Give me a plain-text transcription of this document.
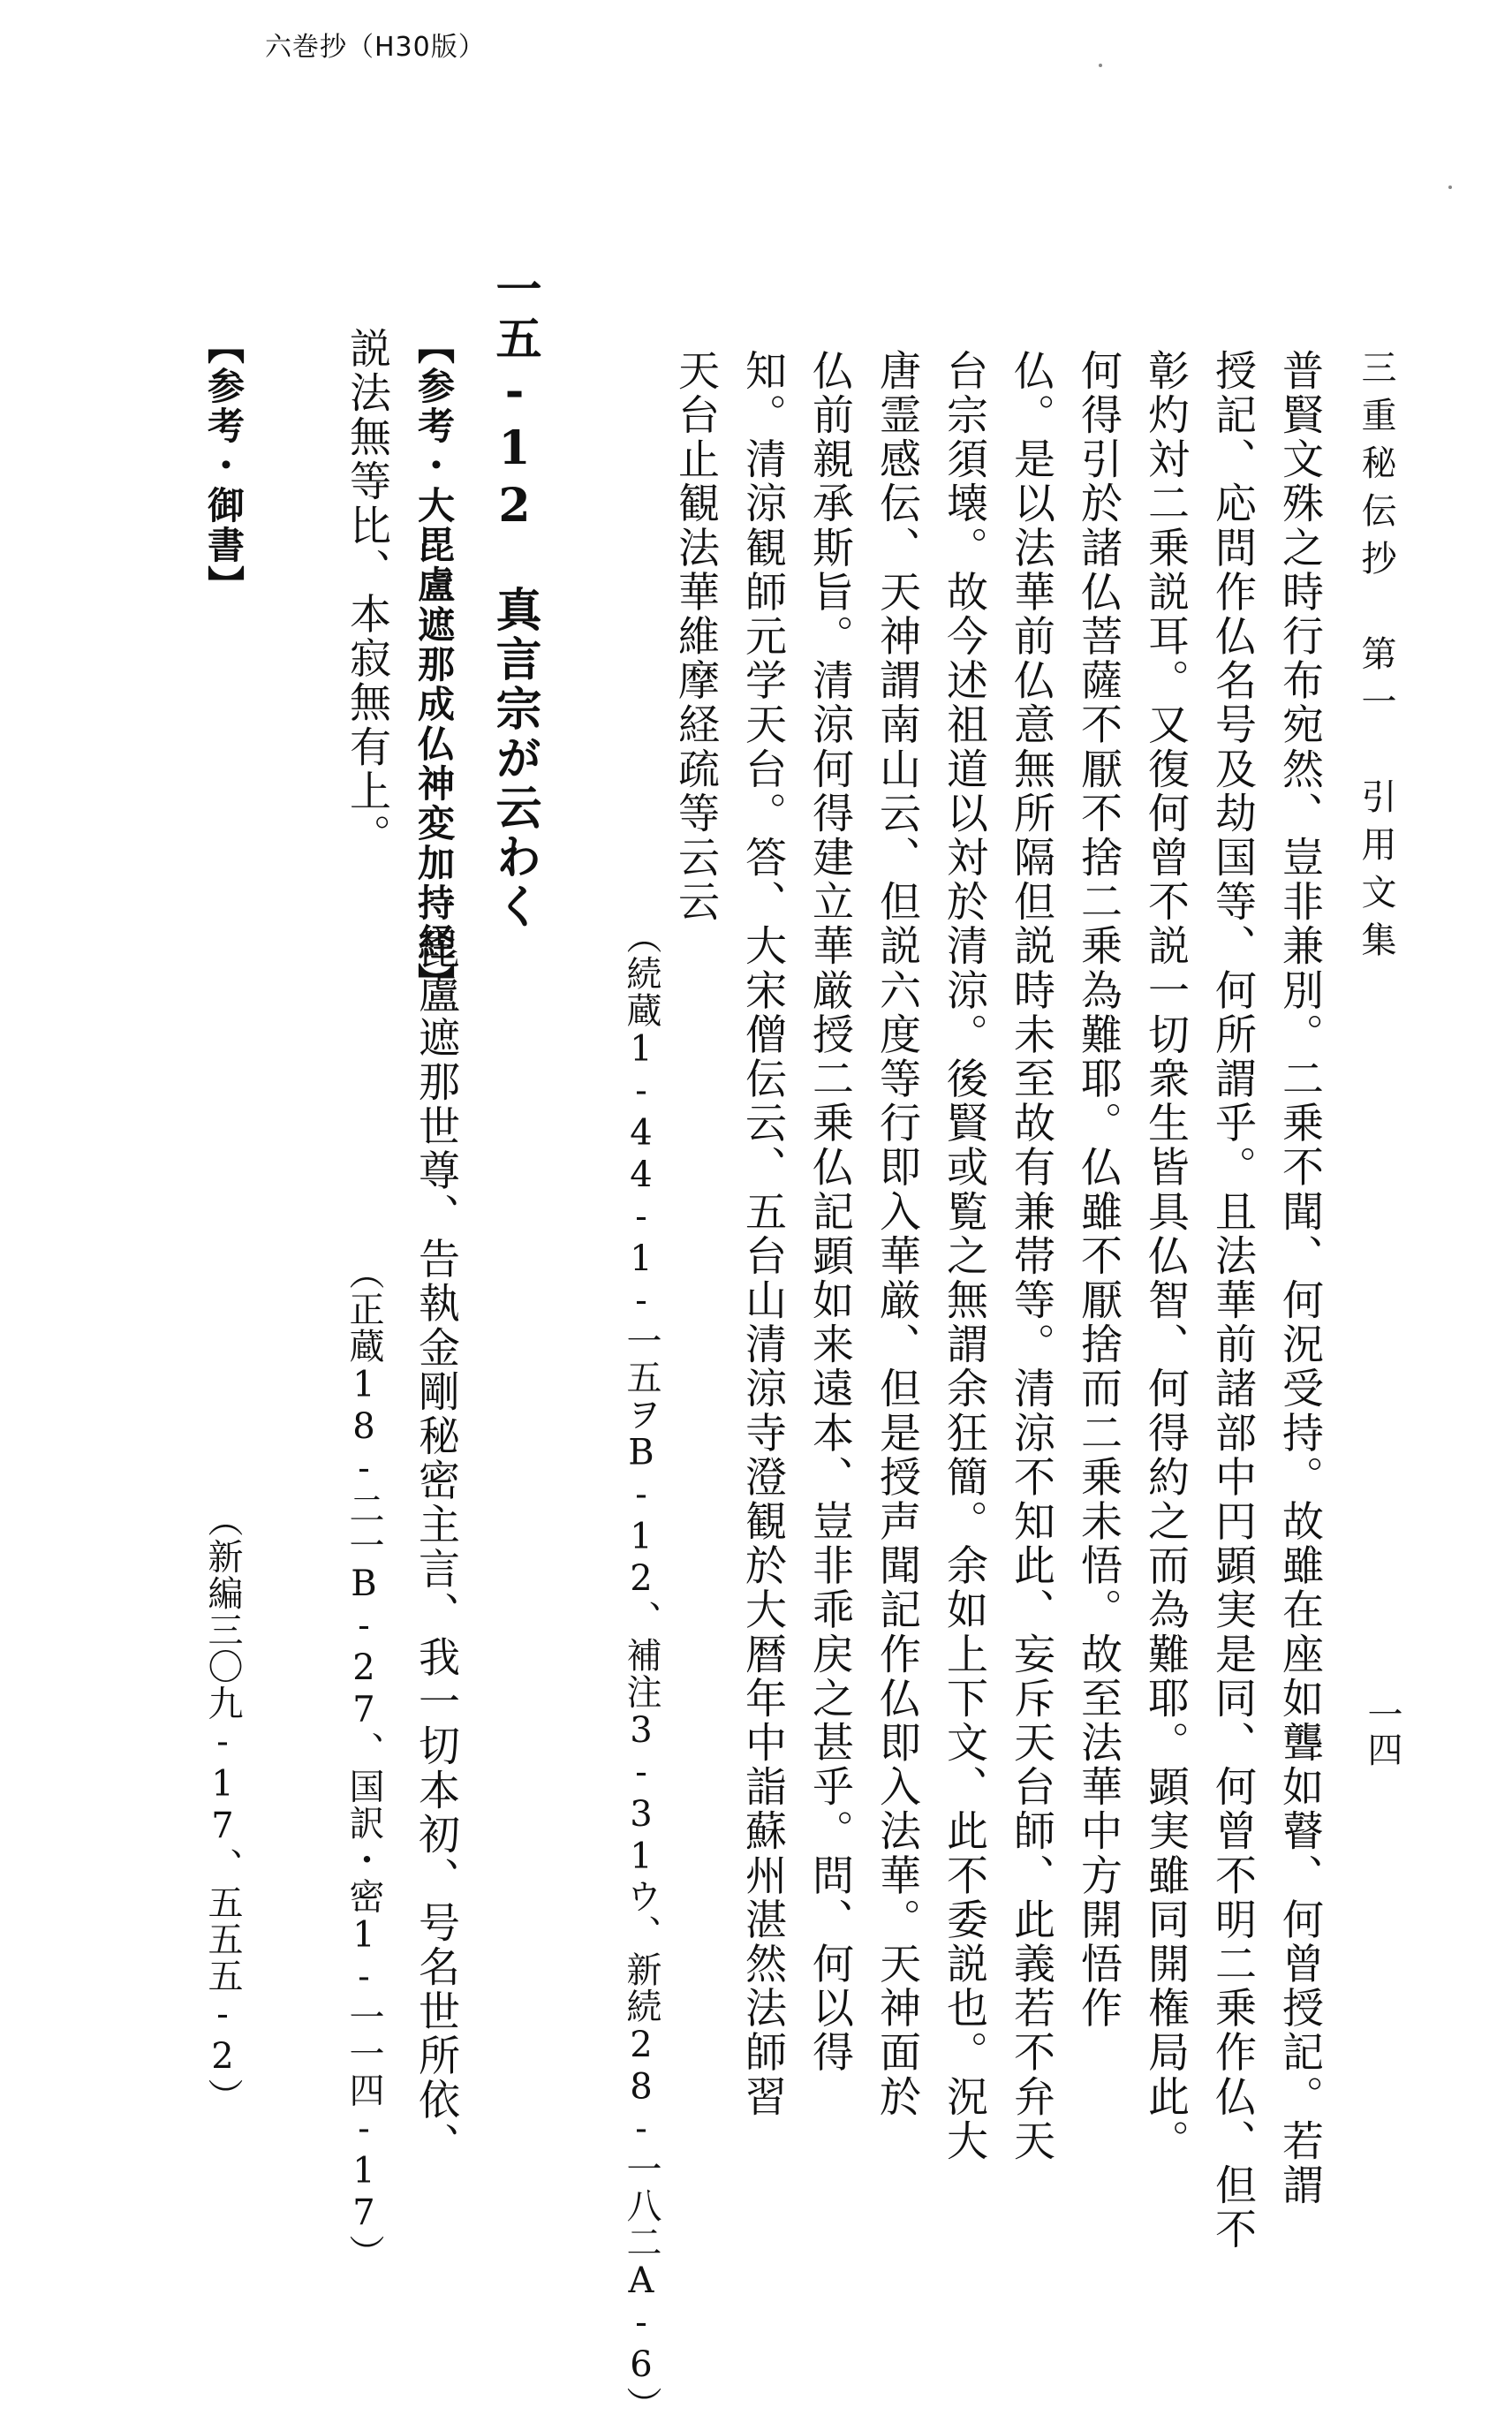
六巻抄（H30版）
三重秘伝抄　第一　引用文集
一四
普賢文殊之時行布宛然、豈非兼別。二乗不聞、何況受持。故雖在座如聾如瞽、何曾授記。若謂
授記、応問作仏名号及劫国等、何所謂乎。且法華前諸部中円顕実是同、何曾不明二乗作仏、但不
彰灼対二乗説耳。又復何曾不説一切衆生皆具仏智、何得約之而為難耶。顕実雖同開権局此。
何得引於諸仏菩薩不厭不捨二乗為難耶。仏雖不厭捨而二乗未悟。故至法華中方開悟作
仏。是以法華前仏意無所隔但説時未至故有兼帯等。清涼不知此、妄斥天台師、此義若不弁天
台宗須壊。故今述祖道以対於清涼。後賢或覧之無謂余狂簡。余如上下文、此不委説也。況大
唐霊感伝、天神謂南山云、但説六度等行即入華厳、但是授声聞記作仏即入法華。天神面於
仏前親承斯旨。清涼何得建立華厳授二乗仏記顕如来遠本、豈非乖戻之甚乎。問、何以得
知。清涼観師元学天台。答、大宋僧伝云、五台山清涼寺澄観於大暦年中詣蘇州湛然法師習
天台止観法華維摩経疏等云云
（続蔵1-44-1-一五ヲB-12、補注3-31ウ、新続28-一八二A-6）
一五-12　真言宗が云わく
【参考・大毘盧遮那成仏神変加持経】
毘盧遮那世尊、告執金剛秘密主言、我一切本初、号名世所依、
説法無等比、本寂無有上。
（正蔵18-二一B-27、国訳・密1-一一四-17）
【参考・御書】
（新編三〇九-17、五五五-2）
